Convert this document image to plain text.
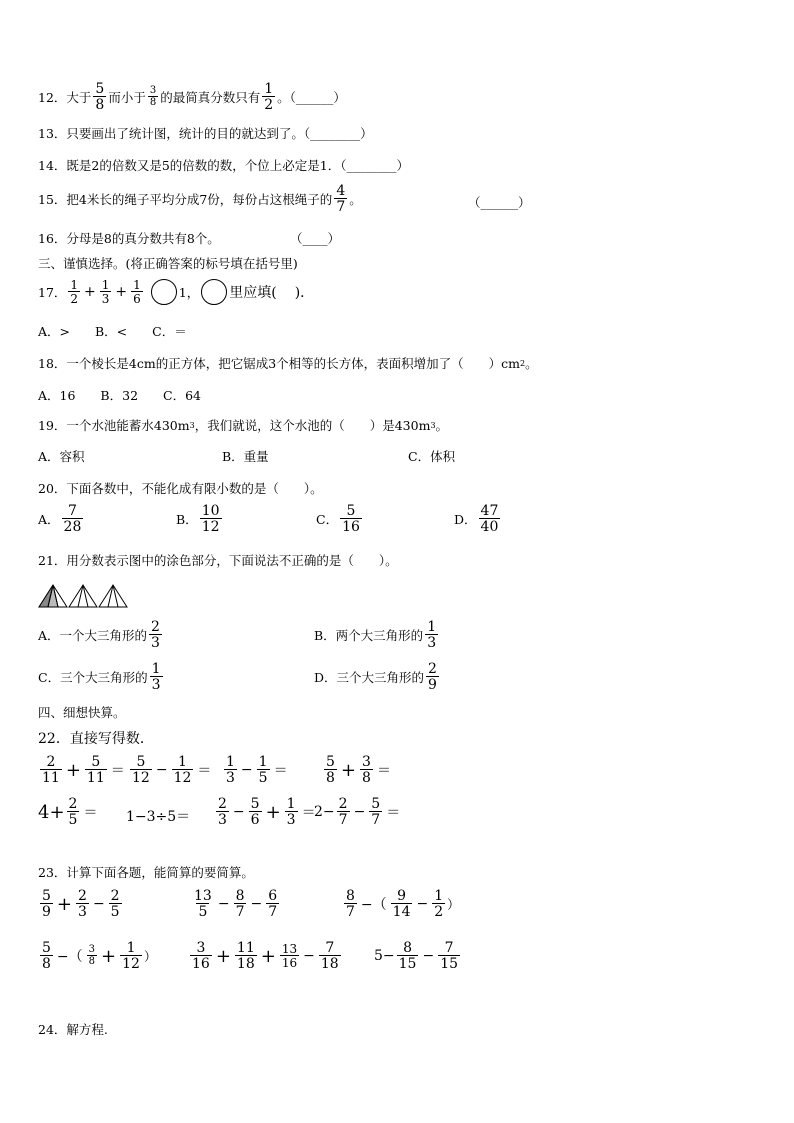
12． 大于
5
8 而小于 3
8 的最简真分数只有
1
2 。（______）
13．只要画出了统计图，统计的目的就达到了。（________）
14．既是2的倍数又是5的倍数的数，个位上必定是1．（________）
15．把4米长的绳子平均分成7份，每份占这根绳子的
4
7 。	（______）
16．分母是8的真分数共有8个。	（____）
三、谨慎选择。(将正确答案的标号填在括号里)
17． 1
$2 + \frac{1}{3} + \frac{1}{6}$	1， 里应填( )．
A．>　　B．<　　C．＝
18．一个棱长是4cm的正方体，把它锯成3个相等的长方体，表面积增加了（　　）cm 2 。
A．16　　B．32　　C．64
19．一个水池能蓄水430m 3 ，我们就说，这个水池的（　　）是430m 3 。
A．容积	B．重量	C．体积
20．下面各数中，不能化成有限小数的是（　　）。
A．
7
28	B．
10
12	C．
5
16	D．
47
40
21．用分数表示图中的涂色部分，下面说法不正确的是（　　）。
A．一个大三角形的
2
3	B．两个大三角形的
1
3
C．三个大三角形的
1
3	D．三个大三角形的
2
9
四、细想快算。
22．直接写得数．
2
$11 + \frac{5}{11}$ ＝
5
$12 - \frac{1}{12}$ ＝
1
$3 - \frac{1}{5}$ ＝
5
$8 + \frac{3}{8}$ ＝
$4+ \frac{2}{5} = 1-3\div 5=$
2
$3 - \frac{5}{6} + \frac{1}{3}$ ＝
$2- \frac{2}{7} - \frac{5}{7}$ ＝
23．计算下面各题，能简算的要简算。
5
$9 + \frac{2}{3} - \frac{2}{5}$	13
$5 - \frac{8}{7} - \frac{6}{7}$	8
7 −（
9
$14 - \frac{1}{2}$ ）
5
8 −（ 3
$8 + \frac{1}{12}$ ）
3
$16 + \frac{11}{18} + \frac{13}{16} - \frac{7}{18} 5- \frac{8}{15} - \frac{7}{15}$
24．解方程.
